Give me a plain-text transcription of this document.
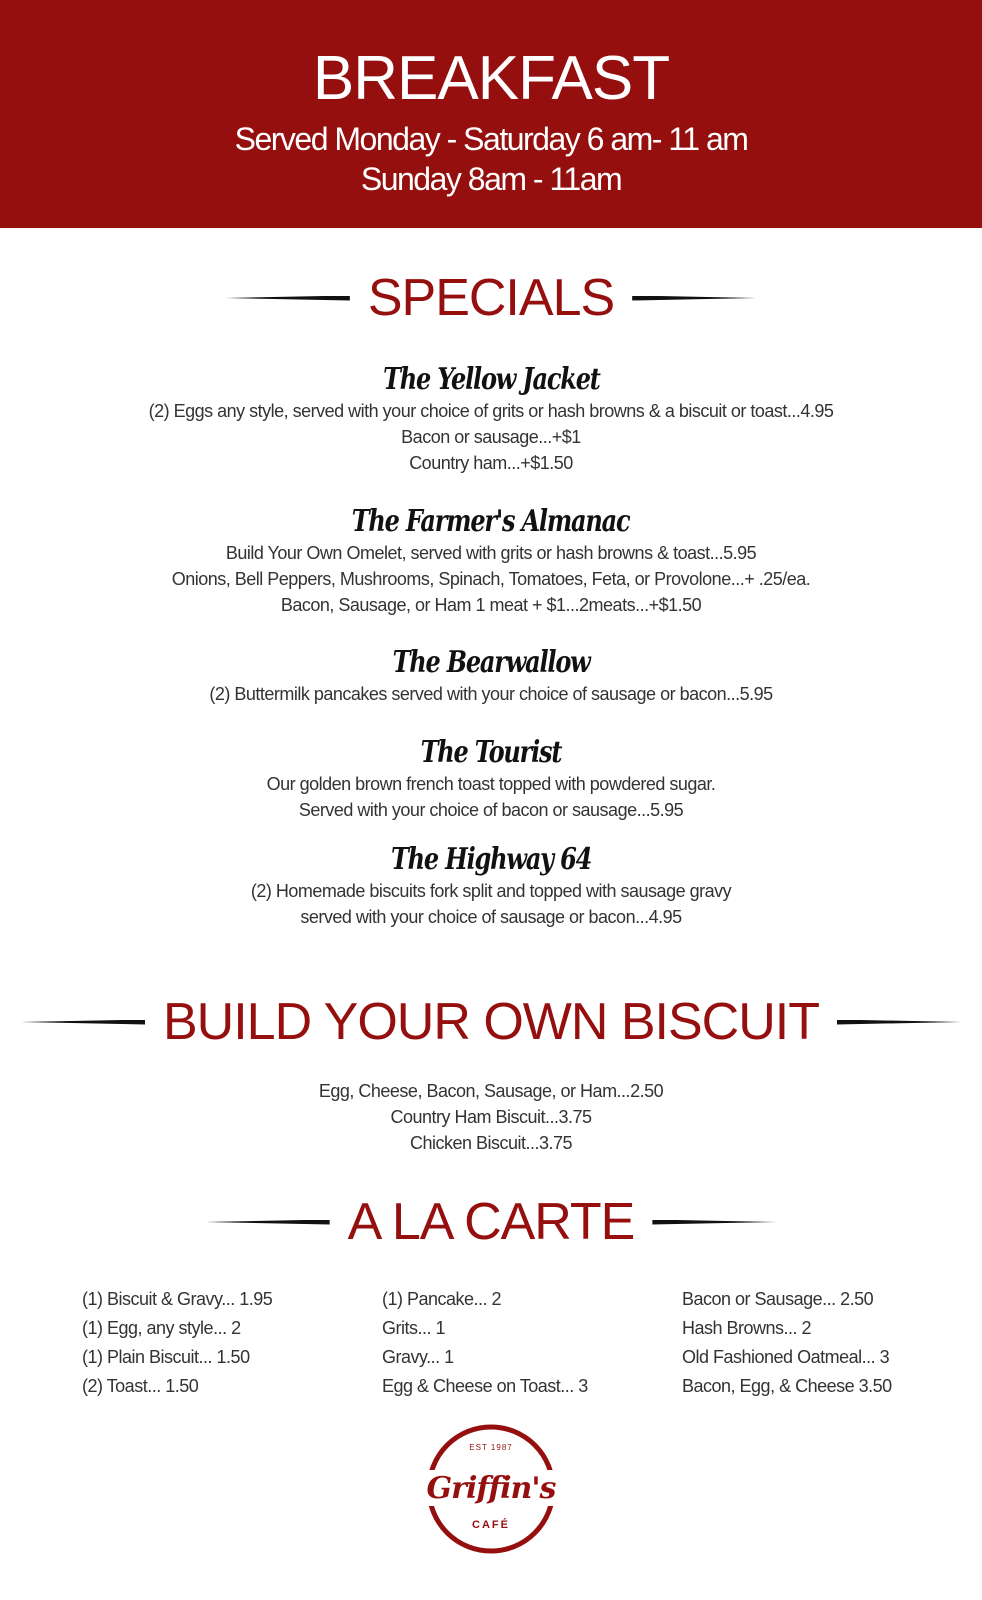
BREAKFAST
Served Monday - Saturday 6 am- 11 am
Sunday 8am - 11am
SPECIALS
The Yellow Jacket
(2) Eggs any style, served with your choice of grits or hash browns & a biscuit or toast...4.95
Bacon or sausage...+$1
Country ham...+$1.50
The Farmer's Almanac
Build Your Own Omelet, served with grits or hash browns & toast...5.95
Onions, Bell Peppers, Mushrooms, Spinach, Tomatoes, Feta, or Provolone...+ .25/ea.
Bacon, Sausage, or Ham 1 meat + $1...2meats...+$1.50
The Bearwallow
(2) Buttermilk pancakes served with your choice of sausage or bacon...5.95
The Tourist
Our golden brown french toast topped with powdered sugar.
Served with your choice of bacon or sausage...5.95
The Highway 64
(2) Homemade biscuits fork split and topped with sausage gravy
served with your choice of sausage or bacon...4.95
BUILD YOUR OWN BISCUIT
Egg, Cheese, Bacon, Sausage, or Ham...2.50
Country Ham Biscuit...3.75
Chicken Biscuit...3.75
A LA CARTE
(1) Biscuit & Gravy... 1.95
(1) Egg, any style... 2
(1) Plain Biscuit... 1.50
(2) Toast... 1.50
(1) Pancake... 2
Grits... 1
Gravy... 1
Egg & Cheese on Toast... 3
Bacon or Sausage... 2.50
Hash Browns... 2
Old Fashioned Oatmeal... 3
Bacon, Egg, & Cheese 3.50
EST 1987
Griffin's
CAFÉ
